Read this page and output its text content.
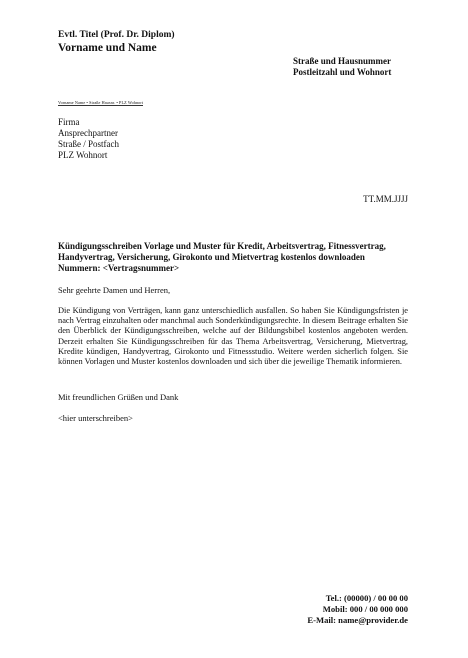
Evtl. Titel (Prof. Dr. Diplom)
Vorname und Name
Straße und Hausnummer
Postleitzahl und Wohnort
Vorname Name • Straße Hausnr. • PLZ Wohnort
Firma
Ansprechpartner
Straße / Postfach
PLZ Wohnort
TT.MM.JJJJ
Kündigungsschreiben Vorlage und Muster für Kredit, Arbeitsvertrag, Fitnessvertrag,
Handyvertrag, Versicherung, Girokonto und Mietvertrag kostenlos downloaden
Nummern: <Vertragsnummer>
Sehr geehrte Damen und Herren,
Die Kündigung von Verträgen, kann ganz unterschiedlich ausfallen. So haben Sie Kündigungsfristen je nach Vertrag einzuhalten oder manchmal auch Sonderkündigungsrechte. In diesem Beitrage erhalten Sie den Überblick der Kündigungsschreiben, welche auf der Bildungsbibel kostenlos angeboten werden. Derzeit erhalten Sie Kündigungsschreiben für das Thema Arbeitsvertrag, Versicherung, Mietvertrag, Kredite kündigen, Handyvertrag, Girokonto und Fitnessstudio. Weitere werden sicherlich folgen. Sie können Vorlagen und Muster kostenlos downloaden und sich über die jeweilige Thematik informieren.
Mit freundlichen Grüßen und Dank
<hier unterschreiben>
Tel.: (00000) / 00 00 00
Mobil: 000 / 00 000 000
E-Mail: name@provider.de
